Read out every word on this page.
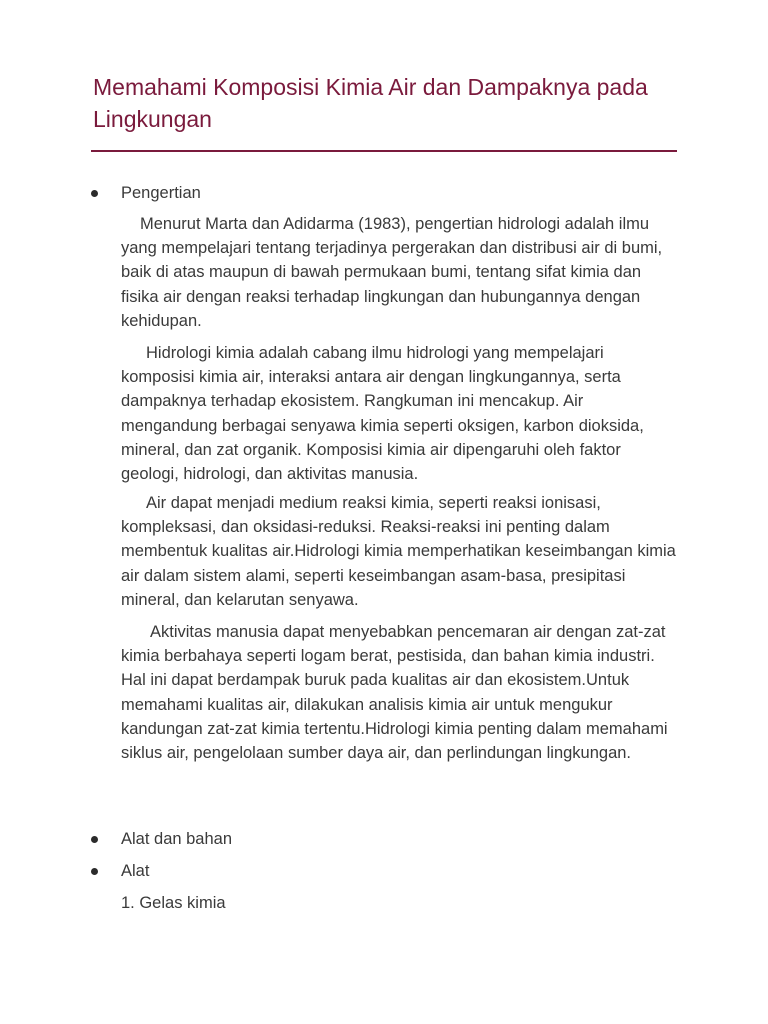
Memahami Komposisi Kimia Air dan Dampaknya pada Lingkungan
Pengertian

Menurut Marta dan Adidarma (1983), pengertian hidrologi adalah ilmu yang mempelajari tentang terjadinya pergerakan dan distribusi air di bumi, baik di atas maupun di bawah permukaan bumi, tentang sifat kimia dan fisika air dengan reaksi terhadap lingkungan dan hubungannya dengan kehidupan.

Hidrologi kimia adalah cabang ilmu hidrologi yang mempelajari komposisi kimia air, interaksi antara air dengan lingkungannya, serta dampaknya terhadap ekosistem. Rangkuman ini mencakup. Air mengandung berbagai senyawa kimia seperti oksigen, karbon dioksida, mineral, dan zat organik. Komposisi kimia air dipengaruhi oleh faktor geologi, hidrologi, dan aktivitas manusia.

Air dapat menjadi medium reaksi kimia, seperti reaksi ionisasi, kompleksasi, dan oksidasi-reduksi. Reaksi-reaksi ini penting dalam membentuk kualitas air.Hidrologi kimia memperhatikan keseimbangan kimia air dalam sistem alami, seperti keseimbangan asam-basa, presipitasi mineral, dan kelarutan senyawa.

Aktivitas manusia dapat menyebabkan pencemaran air dengan zat-zat kimia berbahaya seperti logam berat, pestisida, dan bahan kimia industri. Hal ini dapat berdampak buruk pada kualitas air dan ekosistem.Untuk memahami kualitas air, dilakukan analisis kimia air untuk mengukur kandungan zat-zat kimia tertentu.Hidrologi kimia penting dalam memahami siklus air, pengelolaan sumber daya air, dan perlindungan lingkungan.

Alat dan bahan
Alat
1. Gelas kimia
